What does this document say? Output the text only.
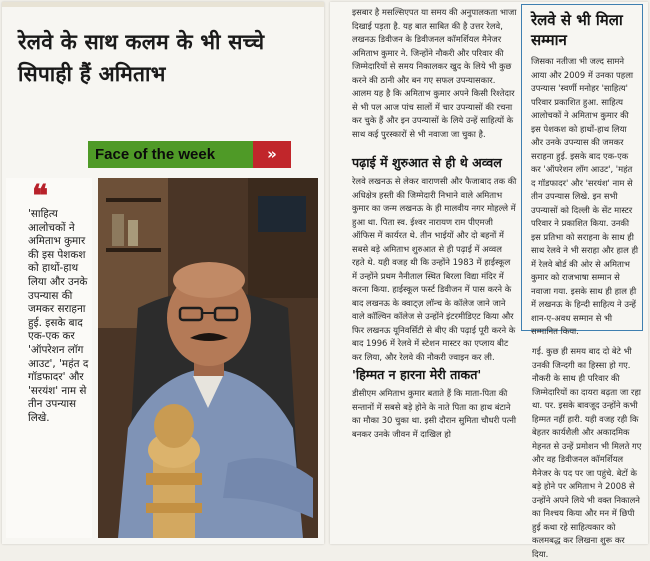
रेलवे के साथ कलम के भी सच्चे सिपाही हैं अमिताभ
Face of the week	»
❝
'साहित्य आलोचकों ने अमिताभ कुमार की इस पेशकश को हाथों-हाथ लिया और उनके उपन्यास की जमकर सराहना हुई. इसके बाद एक-एक कर 'ऑपरेशन लॉग आउट', 'महंत द गॉडफादर' और 'सरयंश' नाम से तीन उपन्यास लिखे.
इसबार है मसल्सिएपत या समय की अनुपालकता भाजा दिखाई पड़ता है. यह बात साबित की है उत्तर रेलवे, लखनऊ डिवीजन के डिवीजनल कॉमर्शियल मैनेजर अमिताभ कुमार ने. जिन्होंने नौकरी और परिवार की जिम्मेदारियों से समय निकालकर खुद के लिये भी कुछ करने की ठानी और बन गए सफल उपन्यासकार. आलम यह है कि अमिताभ कुमार अपने किसी रिश्तेदार से भी पल आज पांच सालों में चार उपन्यासों की रचना कर चुके हैं और इन उपन्यासों के लिये उन्हें साहित्यों के साथ कई पुरस्कारों से भी नवाजा जा चुका है.
पढ़ाई में शुरुआत से ही थे अव्वल
रेलवे लखनऊ से लेकर वाराणसी और फैजाबाद तक की अधिक्षेत्र हस्ती की जिम्मेदारी निभाने वाले अमिताभ कुमार का जन्म लखनऊ के ही मालवीय नगर मोहल्ले में हुआ था. पिता स्व. ईश्वर नारायण राम पीएमजी ऑफिस में कार्यरत थे. तीन भाईयों और दो बहनों में सबसे बड़े अमिताभ शुरुआत से ही पढ़ाई में अव्वल रहते थे. यही वजह थी कि उन्होंने 1983 में हाईस्कूल में उन्होंने प्रथम नैनीताल स्थित बिरला विद्या मंदिर में करना किया. हाईस्कूल फर्स्ट डिवीजन में पास करने के बाद लखनऊ के क्वाट्ज़ लॉन्च के कॉलेज जाने जाने वाले कॉल्विन कॉलेज से उन्होंने इंटरमीडिएट किया और फिर लखनऊ यूनिवर्सिटी से बीए की पढ़ाई पूरी करने के बाद 1996 में रेलवे में स्टेशन मास्टर का एप्लाय बीट कर लिया, और रेलवे की नौकरी ज्वाइन कर ली.
'हिम्मत न हारना मेरी ताकत'
डीसीएम अमिताभ कुमार बताते हैं कि माता-पिता की सन्तानों में सबसे बड़े होने के नाते पिता का हाथ बंटाने का मौका 30 चुका था. इसी दौरान सुमिता चौधरी पत्नी बनकर उनके जीवन में दाखिल हो
रेलवे से भी मिला सम्मान
जिसका नतीजा भी जल्द सामने आया और 2009 में उनका पहला उपन्यास 'स्वर्णी मनोहर 'साहित्य' परिवार प्रकाशित हुआ. साहित्य आलोचकों ने अमिताभ कुमार की इस पेशकश को हाथों-हाथ लिया और उनके उपन्यास की जमकर सराहना हुई. इसके बाद एक-एक कर 'ऑपरेशन लॉग आउट', 'महंत द गॉडफादर' और 'सरयंश' नाम से तीन उपन्यास लिखे. इन सभी उपन्यासों को दिल्ली के सेंट मास्टर परिवार ने प्रकाशित किया. उनकी इस प्रतिभा को सराहना के साथ ही साथ रेलवे ने भी सराहा और हाल ही में रेलवे बोर्ड की ओर से अमिताभ कुमार को राजभाषा सम्मान से नवाजा गया. इसके साथ ही हाल ही में लखनऊ के हिन्दी साहित्य ने उन्हें शान-ए-अवध सम्मान से भी सम्मानित किया.
गई. कुछ ही समय बाद दो बेटे भी उनकी जिन्दगी का हिस्सा हो गए. नौकरी के साथ ही परिवार की जिम्मेदारियों का दायरा बढ़ता जा रहा था. पर. इसके बावजूद उन्होंने कभी हिम्मत नहीं हारी. यही वजह रही कि बेहतर कार्यशैली और अकादमिक मेहनत से उन्हें प्रमोशन भी मिलते गए और वह डिवीजनल कॉमर्शियल मैनेजर के पद पर जा पहुंचे. बेटों के बड़े होने पर अमिताभ ने 2008 से उन्होंने अपने लिये भी वक्त निकालने का निश्चय किया और मन में छिपी हुई कथा रहे साहित्यकार को कलमबद्ध कर लिखना शुरू कर दिया.
